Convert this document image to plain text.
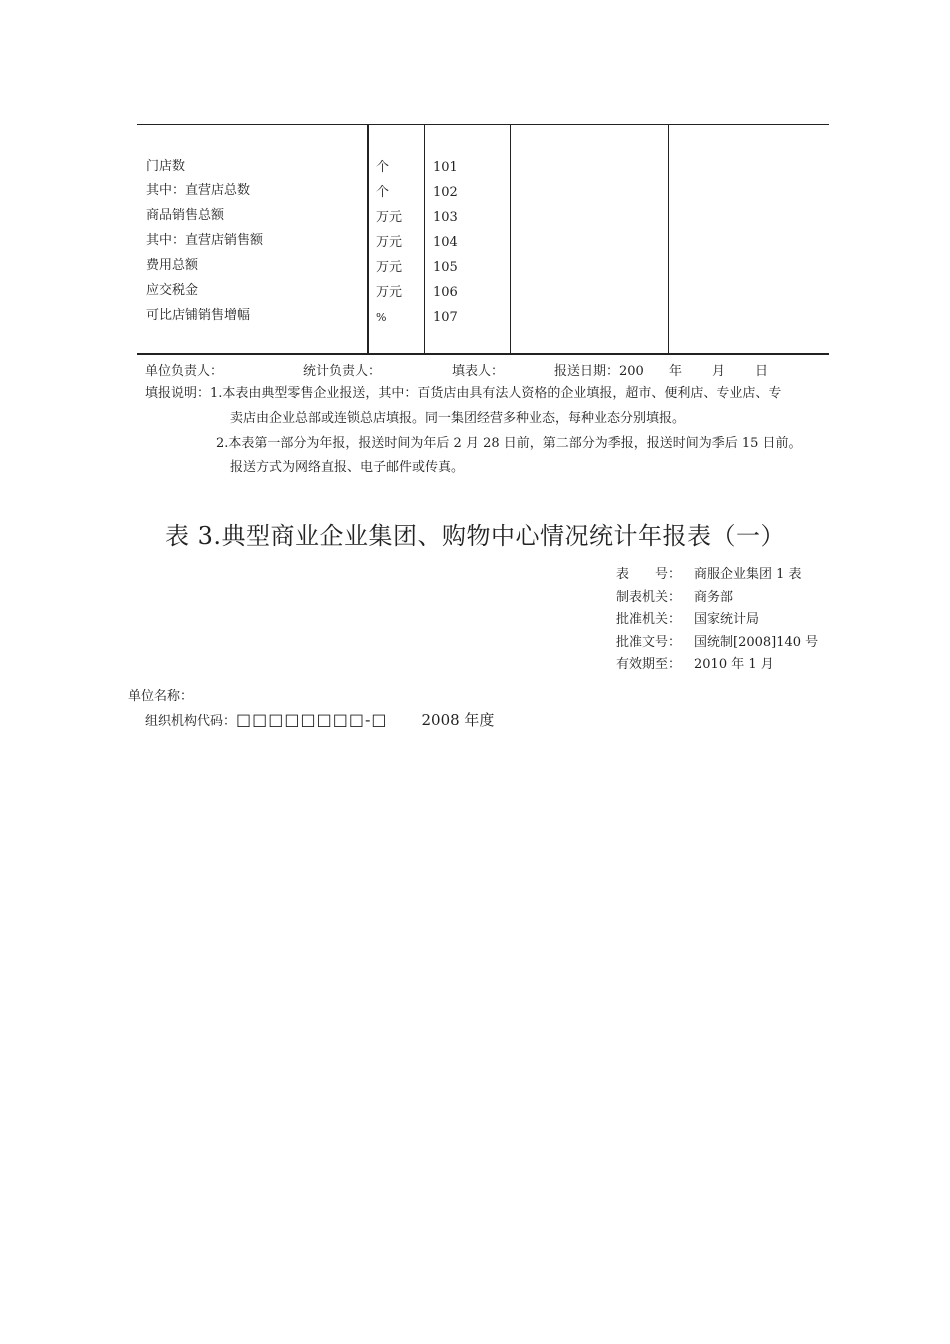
门店数	个	101
其中：直营店总数	个	102
商品销售总额	万元 103
其中：直营店销售额	万元 104
费用总额	万元 105
应交税金	万元 106
可比店铺销售增幅	%	107
单位负责人：	统计负责人：	填表人：	报送日期：200 年 月 日
填报说明：1.本表由典型零售企业报送，其中：百货店由具有法人资格的企业填报，超市、便利店、专业店、专
卖店由企业总部或连锁总店填报。同一集团经营多种业态，每种业态分别填报。
2.本表第一部分为年报，报送时间为年后 2 月 28 日前，第二部分为季报，报送时间为季后 15 日前。
报送方式为网络直报、电子邮件或传真。
表 3.典型商业企业集团、购物中心情况统计年报表（一）
表　　号： 商服企业集团 1 表
制表机关： 商务部
批准机关： 国家统计局
批准文号： 国统制[2008]140 号
有效期至： 2010 年 1 月
单位名称：
组织机构代码：□□□□□□□□-□ 2008 年度
